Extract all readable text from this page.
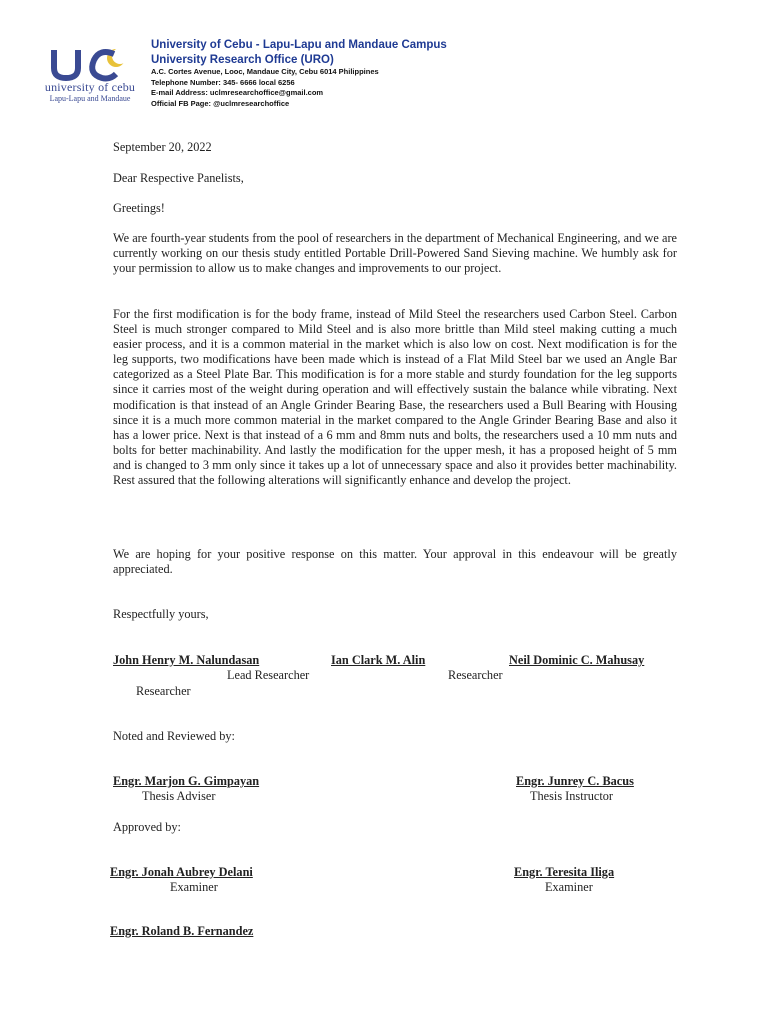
university of cebu
Lapu-Lapu and Mandaue
University of Cebu - Lapu-Lapu and Mandaue Campus
University Research Office (URO)
A.C. Cortes Avenue, Looc, Mandaue City, Cebu 6014 Philippines
Telephone Number: 345- 6666 local 6256
E-mail Address: uclmresearchoffice@gmail.com
Official FB Page: @uclmresearchoffice
September 20, 2022
Dear Respective Panelists,
Greetings!

We are fourth-year students from the pool of researchers in the department of Mechanical Engineering, and we are currently working on our thesis study entitled Portable Drill-Powered Sand Sieving machine. We humbly ask for your permission to allow us to make changes and improvements to our project.

For the first modification is for the body frame, instead of Mild Steel the researchers used Carbon Steel. Carbon Steel is much stronger compared to Mild Steel and is also more brittle than Mild steel making cutting a much easier process, and it is a common material in the market which is also low on cost. Next modification is for the leg supports, two modifications have been made which is instead of a Flat Mild Steel bar we used an Angle Bar categorized as a Steel Plate Bar. This modification is for a more stable and sturdy foundation for the leg supports since it carries most of the weight during operation and will effectively sustain the balance while vibrating. Next modification is that instead of an Angle Grinder Bearing Base, the researchers used a Bull Bearing with Housing since it is a much more common material in the market compared to the Angle Grinder Bearing Base and also it has a lower price. Next is that instead of a 6 mm and 8mm nuts and bolts, the researchers used a 10 mm nuts and bolts for better machinability. And lastly the modification for the upper mesh, it has a proposed height of 5 mm and is changed to 3 mm only since it takes up a lot of unnecessary space and also it provides better machinability. Rest assured that the following alterations will significantly enhance and develop the project.

We are hoping for your positive response on this matter. Your approval in this endeavour will be greatly appreciated.

Respectfully yours,
John Henry M. Nalundasan	Ian Clark M. Alin	Neil Dominic C. Mahusay
Lead Researcher	Researcher
Researcher
Noted and Reviewed by:
Engr. Marjon G. Gimpayan	Engr. Junrey C. Bacus
Thesis Adviser	Thesis Instructor
Approved by:
Engr. Jonah Aubrey Delani	Engr. Teresita Iliga
Examiner	Examiner
Engr. Roland B. Fernandez
